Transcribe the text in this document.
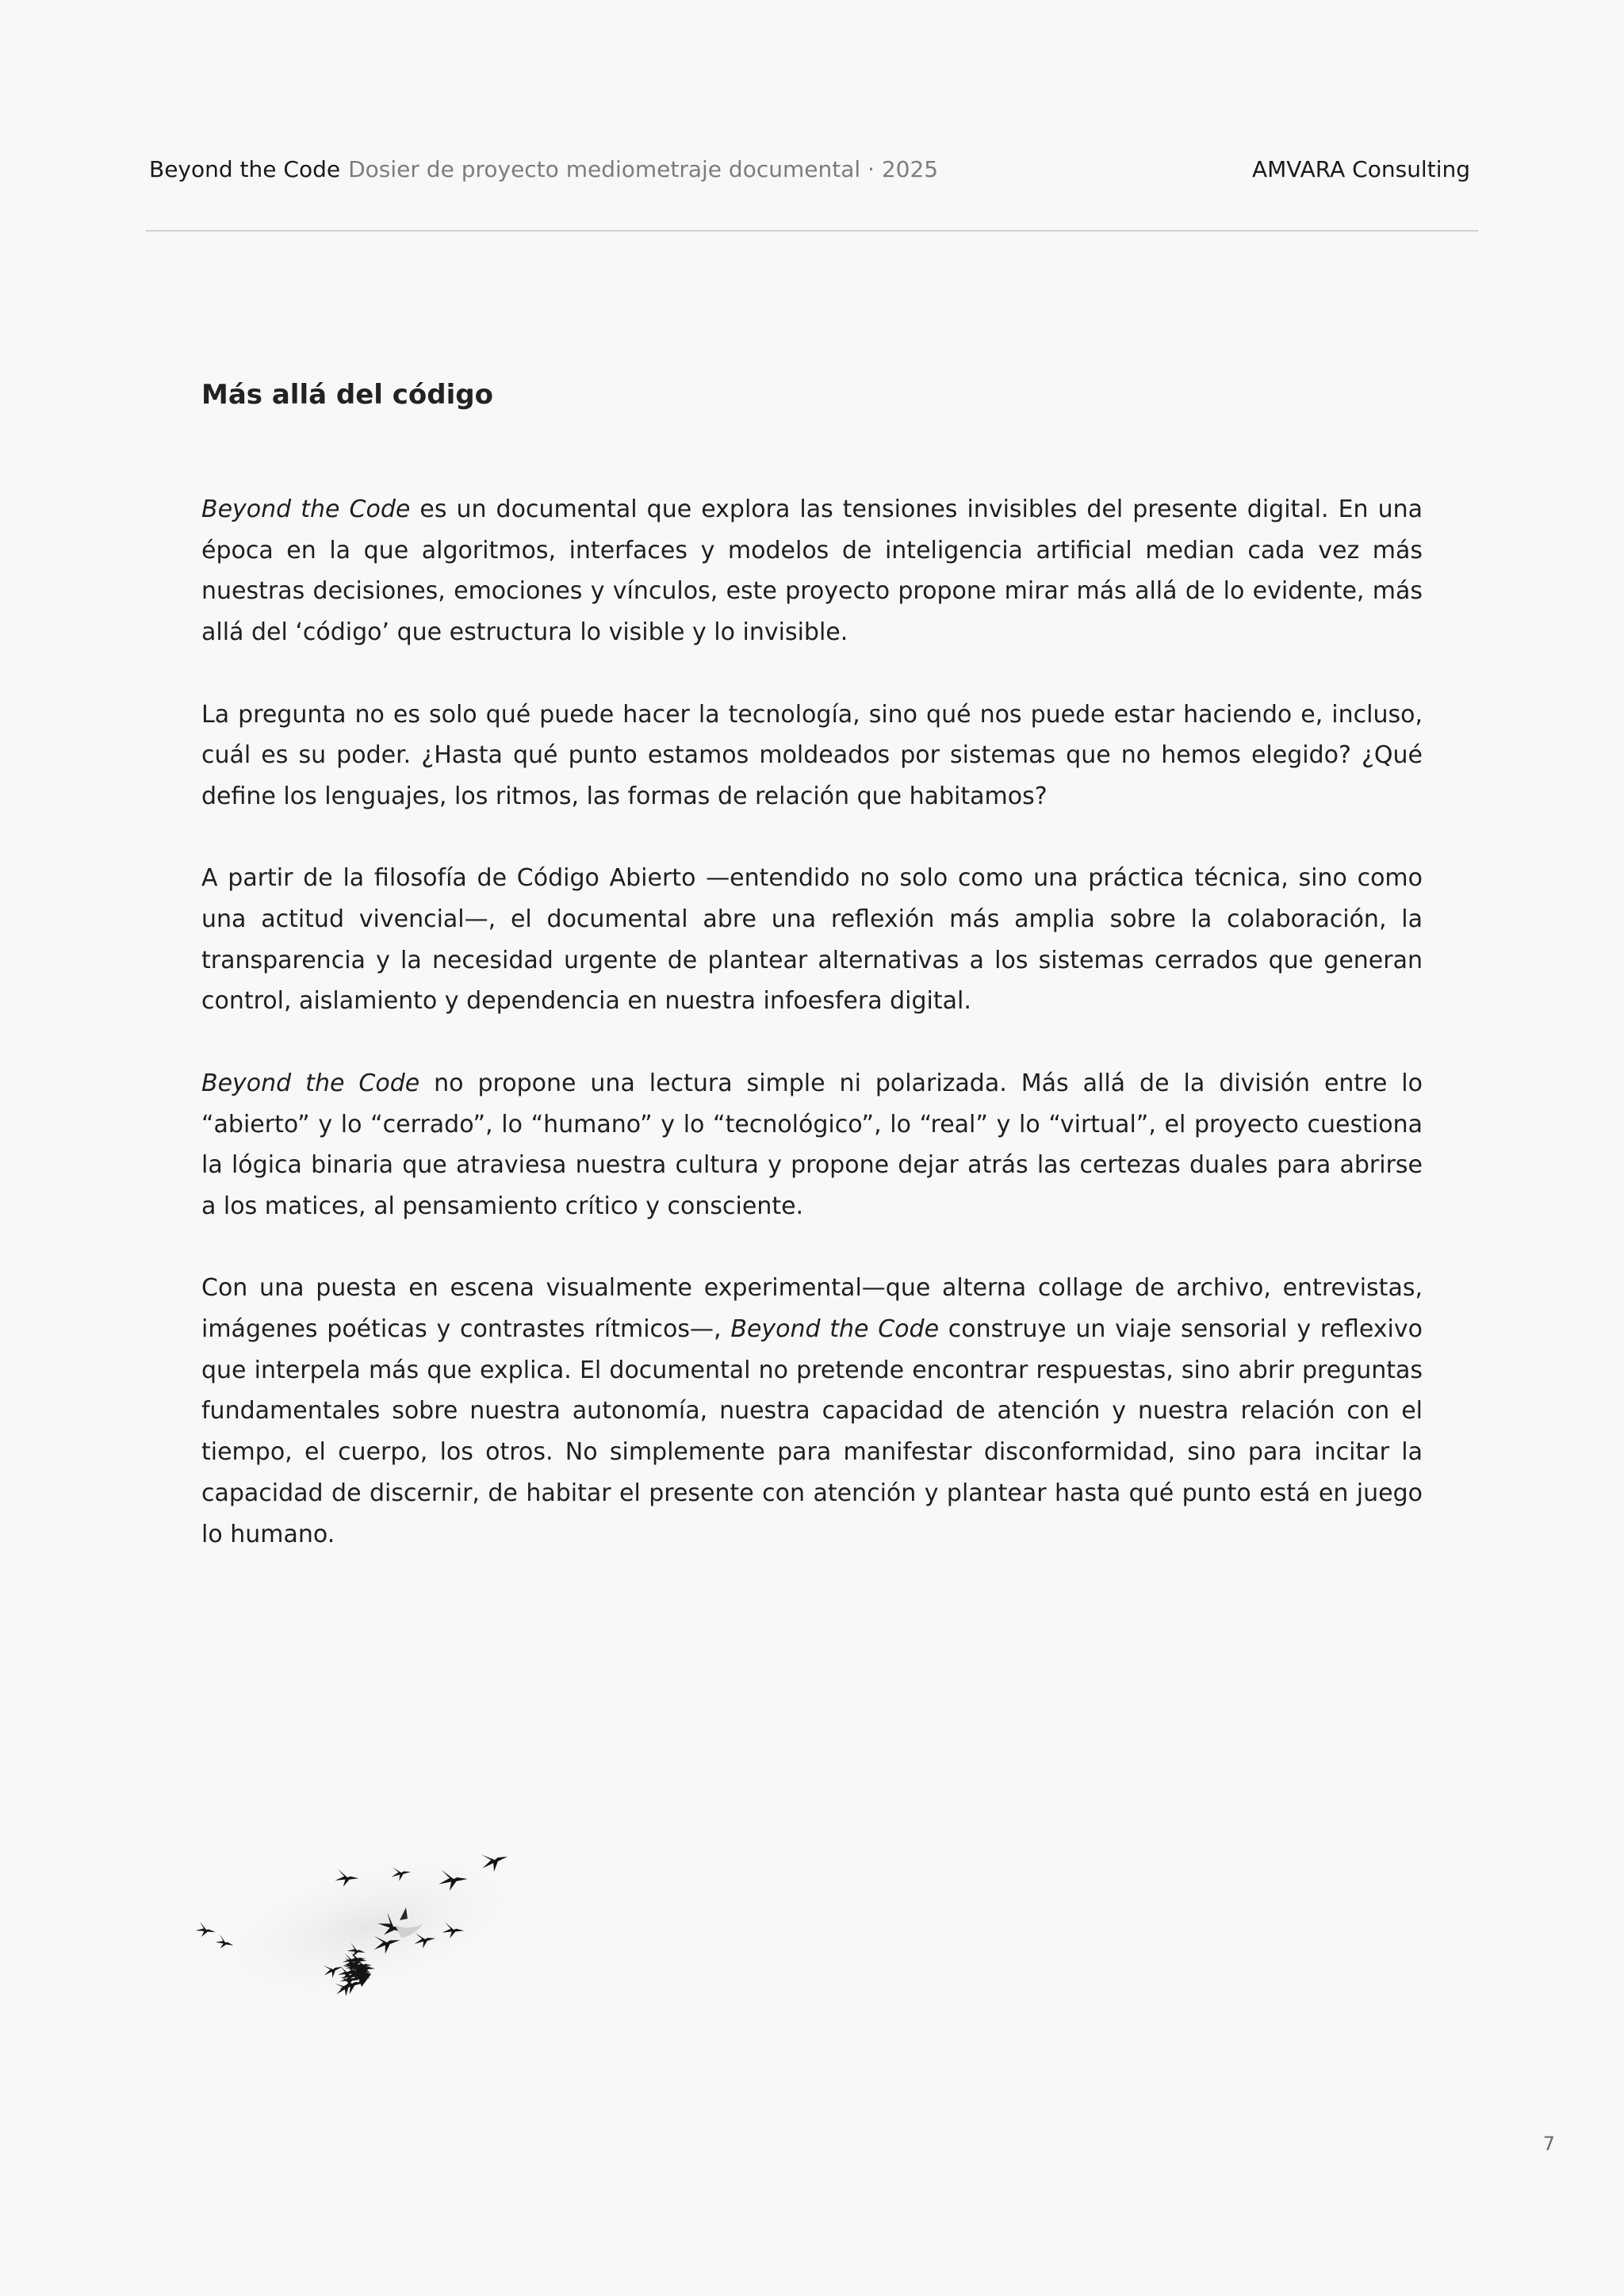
Beyond the Code Dosier de proyecto mediometraje documental · 2025	AMVARA Consulting
Más allá del código

Beyond the Code es un documental que explora las tensiones invisibles del presente digital. En una época en la que algoritmos, interfaces y modelos de inteligencia artificial median cada vez más nuestras decisiones, emociones y vínculos, este proyecto propone mirar más allá de lo evidente, más allá del ‘código’ que estructura lo visible y lo invisible.

La pregunta no es solo qué puede hacer la tecnología, sino qué nos puede estar haciendo e, incluso, cuál es su poder. ¿Hasta qué punto estamos moldeados por sistemas que no hemos elegido? ¿Qué define los lenguajes, los ritmos, las formas de relación que habitamos?

A partir de la filosofía de Código Abierto —entendido no solo como una práctica técnica, sino como una actitud vivencial—, el documental abre una reflexión más amplia sobre la colaboración, la transparencia y la necesidad urgente de plantear alternativas a los sistemas cerrados que generan control, aislamiento y dependencia en nuestra infoesfera digital.

Beyond the Code no propone una lectura simple ni polarizada. Más allá de la división entre lo “abierto” y lo “cerrado”, lo “humano” y lo “tecnológico”, lo “real” y lo “virtual”, el proyecto cuestiona la lógica binaria que atraviesa nuestra cultura y propone dejar atrás las certezas duales para abrirse a los matices, al pensamiento crítico y consciente.

Con una puesta en escena visualmente experimental—que alterna collage de archivo, entrevistas, imágenes poéticas y contrastes rítmicos—, Beyond the Code construye un viaje sensorial y reflexivo que interpela más que explica. El documental no pretende encontrar respuestas, sino abrir preguntas fundamentales sobre nuestra autonomía, nuestra capacidad de atención y nuestra relación con el tiempo, el cuerpo, los otros. No simplemente para manifestar disconformidad, sino para incitar la capacidad de discernir, de habitar el presente con atención y plantear hasta qué punto está en juego lo humano.

7
